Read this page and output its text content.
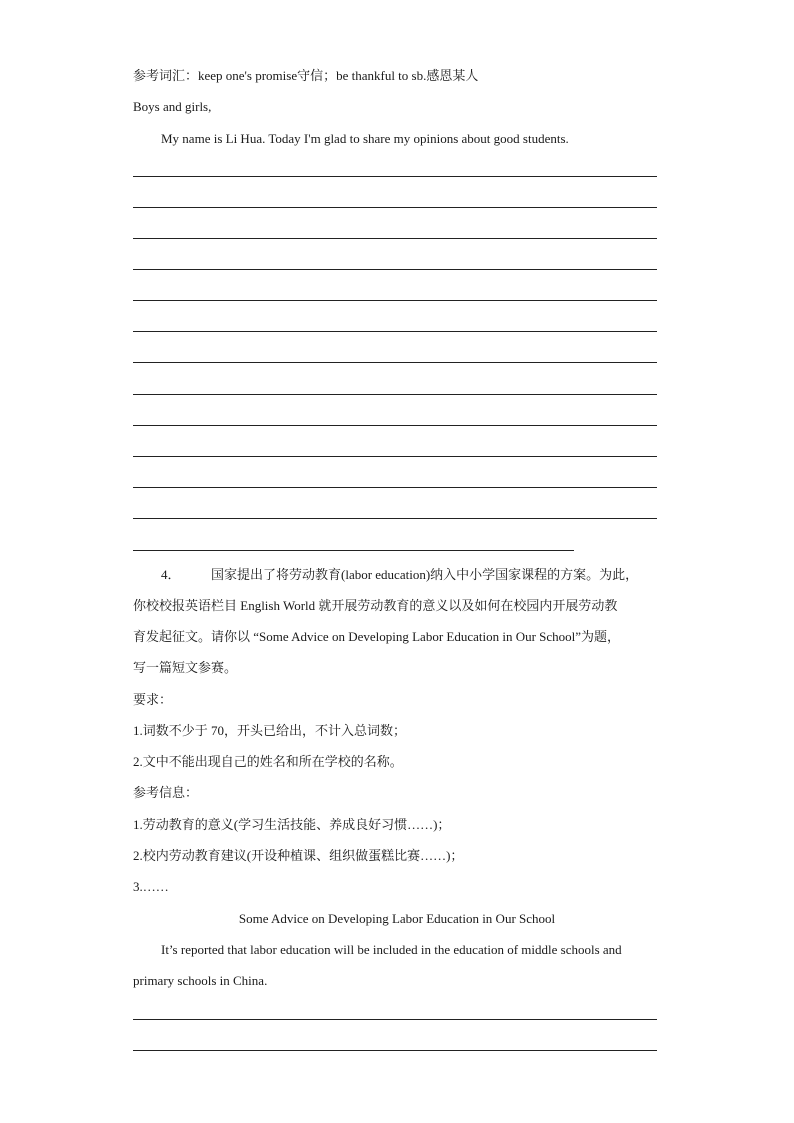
参考词汇：keep one's promise守信；be thankful to sb.感恩某人
Boys and girls,
My name is Li Hua. Today I'm glad to share my opinions about good students.
4． 国家提出了将劳动教育(labor education)纳入中小学国家课程的方案。为此，
你校校报英语栏目 English World 就开展劳动教育的意义以及如何在校园内开展劳动教
育发起征文。请你以 “Some Advice on Developing Labor Education in Our School”为题，
写一篇短文参赛。
要求：
1.词数不少于 70，开头已给出，不计入总词数；
2.文中不能出现自己的姓名和所在学校的名称。
参考信息：
1.劳动教育的意义(学习生活技能、养成良好习惯……)；
2.校内劳动教育建议(开设种植课、组织做蛋糕比赛……)；
3.……
Some Advice on Developing Labor Education in Our School
It’s reported that labor education will be included in the education of middle schools and
primary schools in China.
